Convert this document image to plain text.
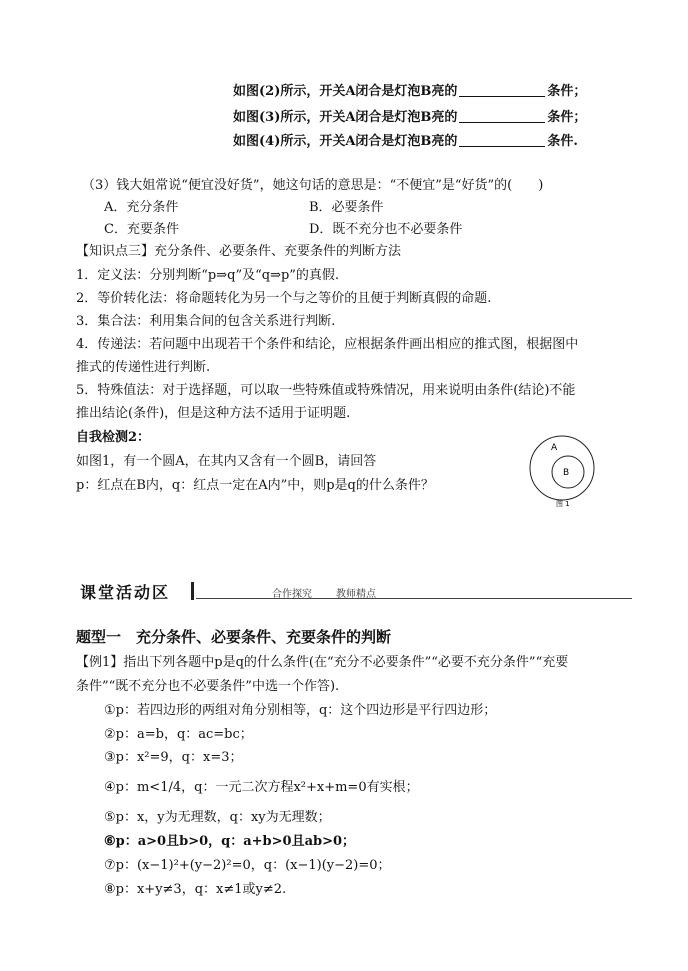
如图(2)所示，开关A闭合是灯泡B亮的	条件；
如图(3)所示，开关A闭合是灯泡B亮的	条件；
如图(4)所示，开关A闭合是灯泡B亮的	条件.
（3）钱大姐常说“便宜没好货”，她这句话的意思是：“不便宜”是“好货”的(　　)
A．充分条件	B．必要条件
C．充要条件	D．既不充分也不必要条件
【知识点三】充分条件、必要条件、充要条件的判断方法
1．定义法：分别判断“p⇒q”及“q⇒p”的真假.
2．等价转化法：将命题转化为另一个与之等价的且便于判断真假的命题.
3．集合法：利用集合间的包含关系进行判断.
4．传递法：若问题中出现若干个条件和结论，应根据条件画出相应的推式图，根据图中
推式的传递性进行判断.
5．特殊值法：对于选择题，可以取一些特殊值或特殊情况，用来说明由条件(结论)不能
推出结论(条件)，但是这种方法不适用于证明题.
自我检测2：
如图1，有一个圆A，在其内又含有一个圆B，请回答
p：红点在B内，q：红点一定在A内”中，则p是q的什么条件？
A
B
图 1
课堂活动区	合作探究 教师精点
题型一　充分条件、必要条件、充要条件的判断
【例1】指出下列各题中p是q的什么条件(在“充分不必要条件”“必要不充分条件”“充要
条件”“既不充分也不必要条件”中选一个作答).
①p：若四边形的两组对角分别相等，q：这个四边形是平行四边形；
②p：a=b，q：ac=bc；
③p：x²=9，q：x=3；
④p：m<1/4，q：一元二次方程x²+x+m=0有实根；
⑤p：x，y为无理数，q：xy为无理数；
⑥p：a>0且b>0，q：a+b>0且ab>0；
⑦p：(x−1)²+(y−2)²=0，q：(x−1)(y−2)=0；
⑧p：x+y≠3，q：x≠1或y≠2.
